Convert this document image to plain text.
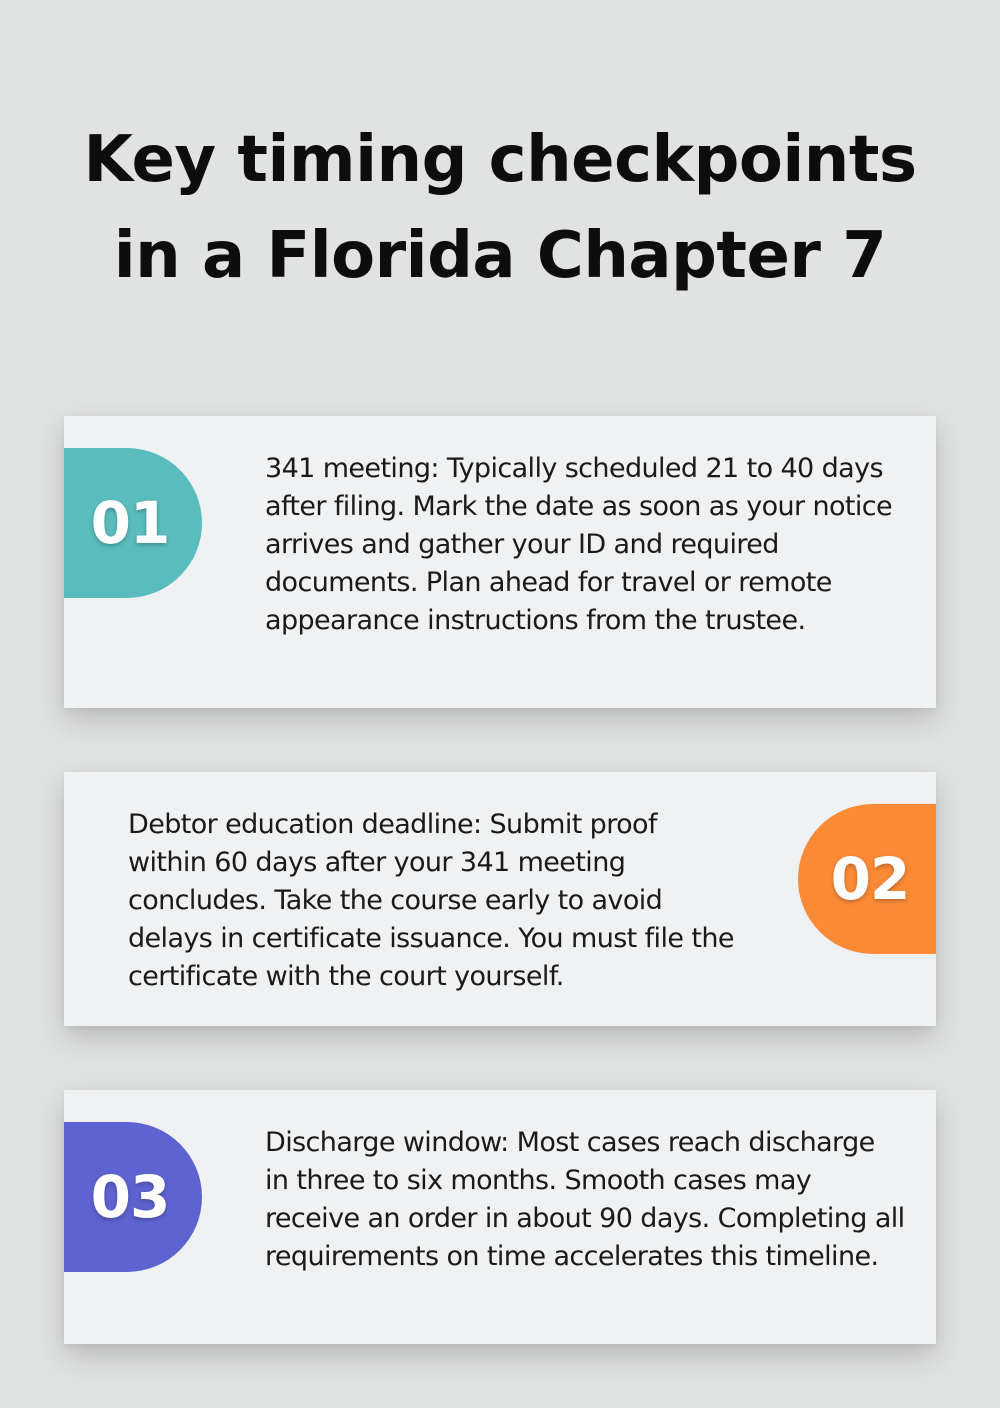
Key timing checkpoints
in a Florida Chapter 7
01

341 meeting: Typically scheduled 21 to 40 days after filing. Mark the date as soon as your notice arrives and gather your ID and required documents. Plan ahead for travel or remote appearance instructions from the trustee.

Debtor education deadline: Submit proof within 60 days after your 341 meeting concludes. Take the course early to avoid delays in certificate issuance. You must file the certificate with the court yourself.

02
03

Discharge window: Most cases reach discharge in three to six months. Smooth cases may receive an order in about 90 days. Completing all requirements on time accelerates this timeline.
